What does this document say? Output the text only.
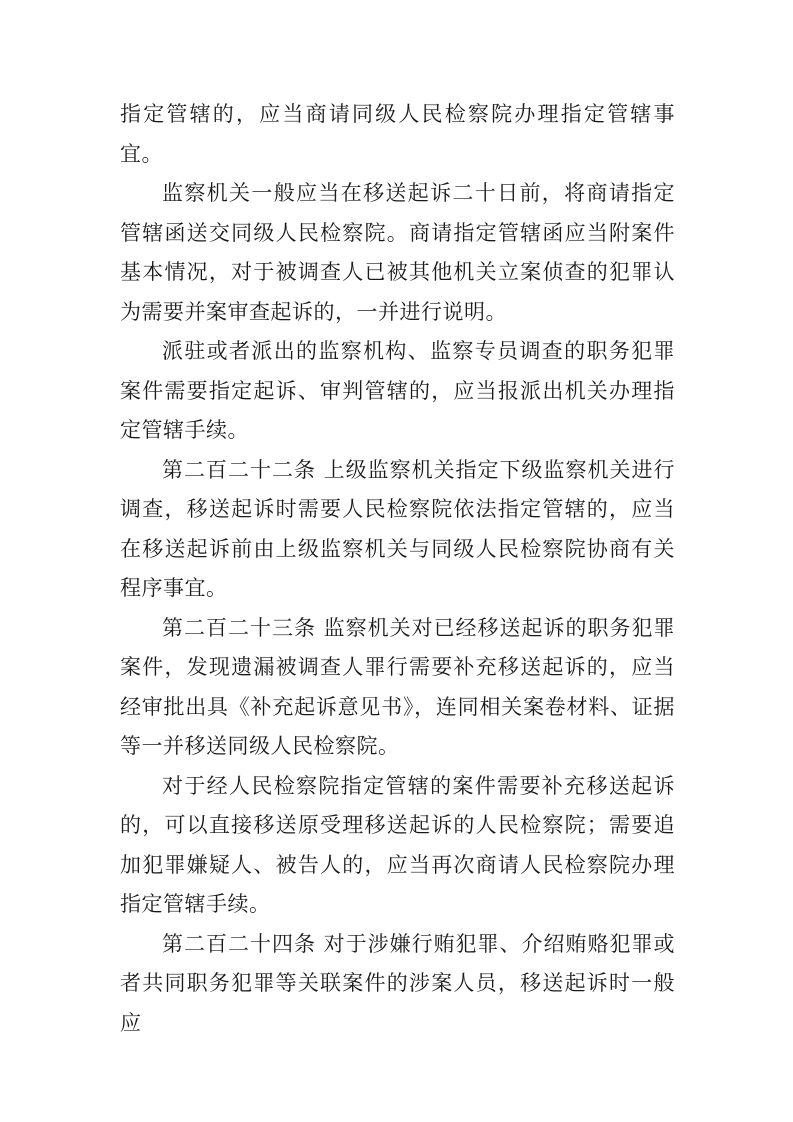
指定管辖的，应当商请同级人民检察院办理指定管辖事宜。

监察机关一般应当在移送起诉二十日前，将商请指定管辖函送交同级人民检察院。商请指定管辖函应当附案件基本情况，对于被调查人已被其他机关立案侦查的犯罪认为需要并案审查起诉的，一并进行说明。

派驻或者派出的监察机构、监察专员调查的职务犯罪案件需要指定起诉、审判管辖的，应当报派出机关办理指定管辖手续。

第二百二十二条 上级监察机关指定下级监察机关进行调查，移送起诉时需要人民检察院依法指定管辖的，应当在移送起诉前由上级监察机关与同级人民检察院协商有关程序事宜。

第二百二十三条 监察机关对已经移送起诉的职务犯罪案件，发现遗漏被调查人罪行需要补充移送起诉的，应当经审批出具《补充起诉意见书》，连同相关案卷材料、证据等一并移送同级人民检察院。

对于经人民检察院指定管辖的案件需要补充移送起诉的，可以直接移送原受理移送起诉的人民检察院；需要追加犯罪嫌疑人、被告人的，应当再次商请人民检察院办理指定管辖手续。

第二百二十四条 对于涉嫌行贿犯罪、介绍贿赂犯罪或者共同职务犯罪等关联案件的涉案人员，移送起诉时一般应
